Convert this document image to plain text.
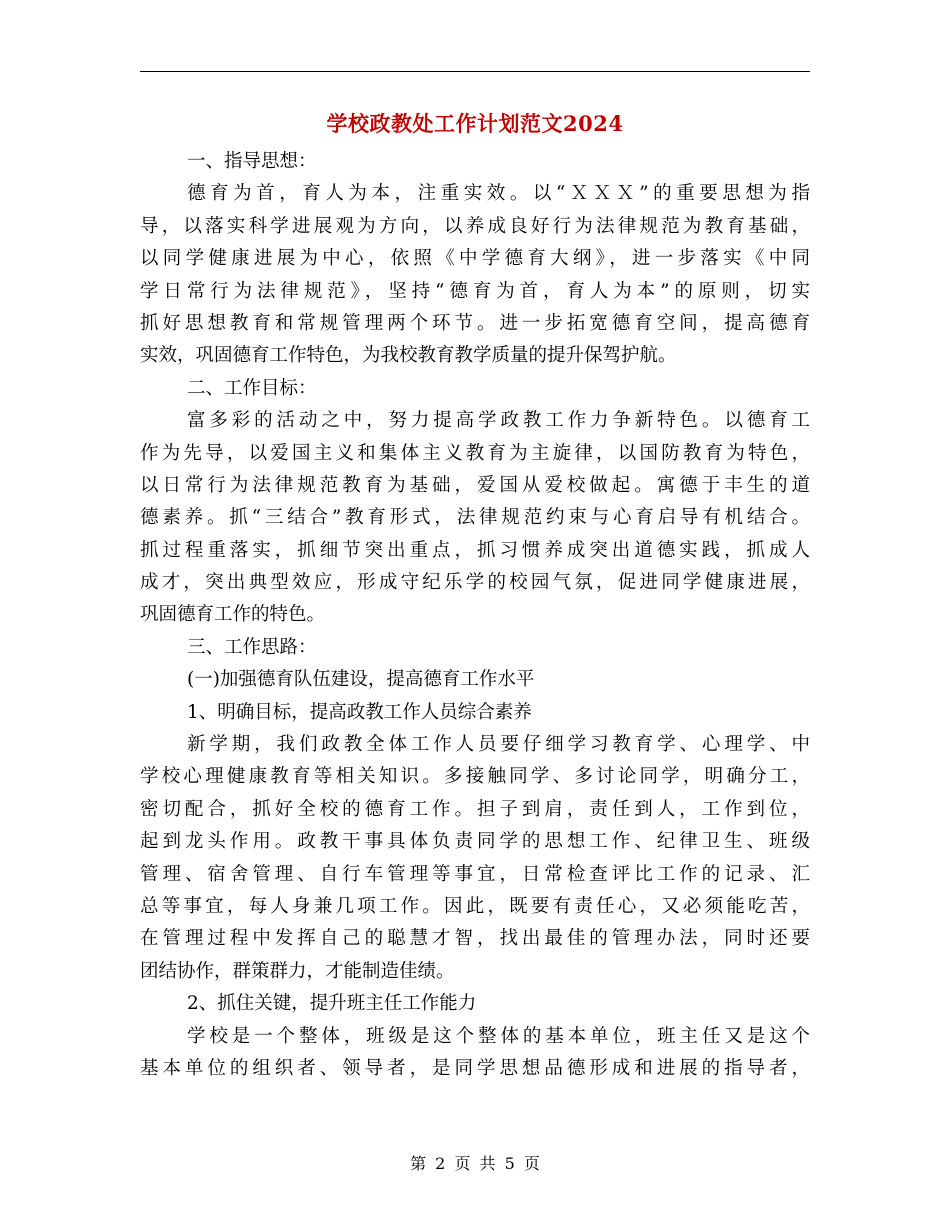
学校政教处工作计划范文2024
一、指导思想：
德育为首，育人为本，注重实效。以“ＸＸＸ”的重要思想为指
导，以落实科学进展观为方向，以养成良好行为法律规范为教育基础，
以同学健康进展为中心，依照《中学德育大纲》，进一步落实《中同
学日常行为法律规范》，坚持“德育为首，育人为本”的原则，切实
抓好思想教育和常规管理两个环节。进一步拓宽德育空间，提高德育
实效，巩固德育工作特色，为我校教育教学质量的提升保驾护航。
二、工作目标：
富多彩的活动之中，努力提高学政教工作力争新特色。以德育工
作为先导，以爱国主义和集体主义教育为主旋律，以国防教育为特色，
以日常行为法律规范教育为基础，爱国从爱校做起。寓德于丰生的道
德素养。抓“三结合”教育形式，法律规范约束与心育启导有机结合。
抓过程重落实，抓细节突出重点，抓习惯养成突出道德实践，抓成人
成才，突出典型效应，形成守纪乐学的校园气氛，促进同学健康进展，
巩固德育工作的特色。
三、工作思路：
(一)加强德育队伍建设，提高德育工作水平
1、明确目标，提高政教工作人员综合素养
新学期，我们政教全体工作人员要仔细学习教育学、心理学、中
学校心理健康教育等相关知识。多接触同学、多讨论同学，明确分工，
密切配合，抓好全校的德育工作。担子到肩，责任到人，工作到位，
起到龙头作用。政教干事具体负责同学的思想工作、纪律卫生、班级
管理、宿舍管理、自行车管理等事宜，日常检查评比工作的记录、汇
总等事宜，每人身兼几项工作。因此，既要有责任心，又必须能吃苦，
在管理过程中发挥自己的聪慧才智，找出最佳的管理办法，同时还要
团结协作，群策群力，才能制造佳绩。
2、抓住关键，提升班主任工作能力
学校是一个整体，班级是这个整体的基本单位，班主任又是这个
基本单位的组织者、领导者，是同学思想品德形成和进展的指导者，
第 2 页 共 5 页
